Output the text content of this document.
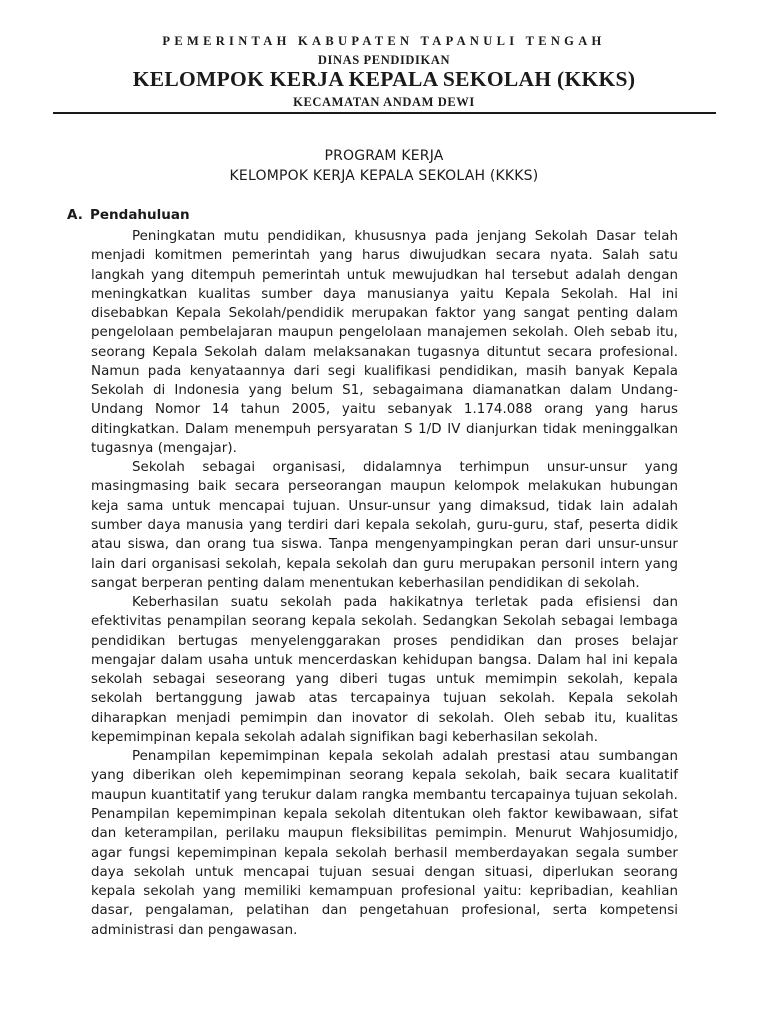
PEMERINTAH KABUPATEN TAPANULI TENGAH
DINAS PENDIDIKAN
KELOMPOK KERJA KEPALA SEKOLAH (KKKS)
KECAMATAN ANDAM DEWI
PROGRAM KERJA
KELOMPOK KERJA KEPALA SEKOLAH (KKKS)
A. Pendahuluan

Peningkatan mutu pendidikan, khususnya pada jenjang Sekolah Dasar telah menjadi komitmen pemerintah yang harus diwujudkan secara nyata. Salah satu langkah yang ditempuh pemerintah untuk mewujudkan hal tersebut adalah dengan meningkatkan kualitas sumber daya manusianya yaitu Kepala Sekolah. Hal ini disebabkan Kepala Sekolah/pendidik merupakan faktor yang sangat penting dalam pengelolaan pembelajaran maupun pengelolaan manajemen sekolah. Oleh sebab itu, seorang Kepala Sekolah dalam melaksanakan tugasnya dituntut secara profesional. Namun pada kenyataannya dari segi kualifikasi pendidikan, masih banyak Kepala Sekolah di Indonesia yang belum S1, sebagaimana diamanatkan dalam Undang-Undang Nomor 14 tahun 2005, yaitu sebanyak 1.174.088 orang yang harus ditingkatkan. Dalam menempuh persyaratan S 1/D IV dianjurkan tidak meninggalkan tugasnya (mengajar).

Sekolah sebagai organisasi, didalamnya terhimpun unsur-unsur yang masingmasing baik secara perseorangan maupun kelompok melakukan hubungan keja sama untuk mencapai tujuan. Unsur-unsur yang dimaksud, tidak lain adalah sumber daya manusia yang terdiri dari kepala sekolah, guru-guru, staf, peserta didik atau siswa, dan orang tua siswa. Tanpa mengenyampingkan peran dari unsur-unsur lain dari organisasi sekolah, kepala sekolah dan guru merupakan personil intern yang sangat berperan penting dalam menentukan keberhasilan pendidikan di sekolah.

Keberhasilan suatu sekolah pada hakikatnya terletak pada efisiensi dan efektivitas penampilan seorang kepala sekolah. Sedangkan Sekolah sebagai lembaga pendidikan bertugas menyelenggarakan proses pendidikan dan proses belajar mengajar dalam usaha untuk mencerdaskan kehidupan bangsa. Dalam hal ini kepala sekolah sebagai seseorang yang diberi tugas untuk memimpin sekolah, kepala sekolah bertanggung jawab atas tercapainya tujuan sekolah. Kepala sekolah diharapkan menjadi pemimpin dan inovator di sekolah. Oleh sebab itu, kualitas kepemimpinan kepala sekolah adalah signifikan bagi keberhasilan sekolah.

Penampilan kepemimpinan kepala sekolah adalah prestasi atau sumbangan yang diberikan oleh kepemimpinan seorang kepala sekolah, baik secara kualitatif maupun kuantitatif yang terukur dalam rangka membantu tercapainya tujuan sekolah. Penampilan kepemimpinan kepala sekolah ditentukan oleh faktor kewibawaan, sifat dan keterampilan, perilaku maupun fleksibilitas pemimpin. Menurut Wahjosumidjo, agar fungsi kepemimpinan kepala sekolah berhasil memberdayakan segala sumber daya sekolah untuk mencapai tujuan sesuai dengan situasi, diperlukan seorang kepala sekolah yang memiliki kemampuan profesional yaitu: kepribadian, keahlian dasar, pengalaman, pelatihan dan pengetahuan profesional, serta kompetensi administrasi dan pengawasan.
